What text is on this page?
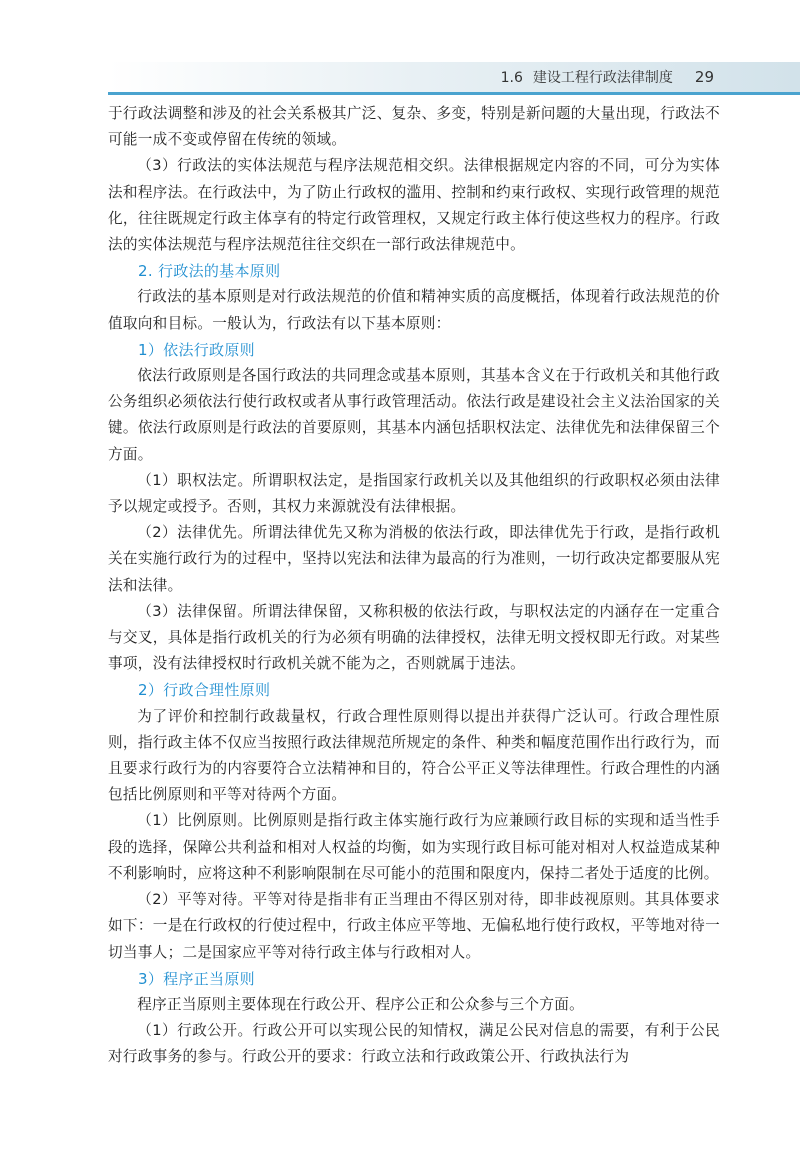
1.6 建设工程行政法律制度 29

于行政法调整和涉及的社会关系极其广泛、复杂、多变，特别是新问题的大量出现，行政法不可能一成不变或停留在传统的领域。

（3）行政法的实体法规范与程序法规范相交织。法律根据规定内容的不同，可分为实体法和程序法。在行政法中，为了防止行政权的滥用、控制和约束行政权、实现行政管理的规范化，往往既规定行政主体享有的特定行政管理权，又规定行政主体行使这些权力的程序。行政法的实体法规范与程序法规范往往交织在一部行政法律规范中。

2. 行政法的基本原则

行政法的基本原则是对行政法规范的价值和精神实质的高度概括，体现着行政法规范的价值取向和目标。一般认为，行政法有以下基本原则：

1）依法行政原则

依法行政原则是各国行政法的共同理念或基本原则，其基本含义在于行政机关和其他行政公务组织必须依法行使行政权或者从事行政管理活动。依法行政是建设社会主义法治国家的关键。依法行政原则是行政法的首要原则，其基本内涵包括职权法定、法律优先和法律保留三个方面。

（1）职权法定。所谓职权法定，是指国家行政机关以及其他组织的行政职权必须由法律予以规定或授予。否则，其权力来源就没有法律根据。

（2）法律优先。所谓法律优先又称为消极的依法行政，即法律优先于行政，是指行政机关在实施行政行为的过程中，坚持以宪法和法律为最高的行为准则，一切行政决定都要服从宪法和法律。

（3）法律保留。所谓法律保留，又称积极的依法行政，与职权法定的内涵存在一定重合与交叉，具体是指行政机关的行为必须有明确的法律授权，法律无明文授权即无行政。对某些事项，没有法律授权时行政机关就不能为之，否则就属于违法。

2）行政合理性原则

为了评价和控制行政裁量权，行政合理性原则得以提出并获得广泛认可。行政合理性原则，指行政主体不仅应当按照行政法律规范所规定的条件、种类和幅度范围作出行政行为，而且要求行政行为的内容要符合立法精神和目的，符合公平正义等法律理性。行政合理性的内涵包括比例原则和平等对待两个方面。

（1）比例原则。比例原则是指行政主体实施行政行为应兼顾行政目标的实现和适当性手段的选择，保障公共利益和相对人权益的均衡，如为实现行政目标可能对相对人权益造成某种不利影响时，应将这种不利影响限制在尽可能小的范围和限度内，保持二者处于适度的比例。

（2）平等对待。平等对待是指非有正当理由不得区别对待，即非歧视原则。其具体要求如下：一是在行政权的行使过程中，行政主体应平等地、无偏私地行使行政权，平等地对待一切当事人；二是国家应平等对待行政主体与行政相对人。

3）程序正当原则

程序正当原则主要体现在行政公开、程序公正和公众参与三个方面。

（1）行政公开。行政公开可以实现公民的知情权，满足公民对信息的需要，有利于公民对行政事务的参与。行政公开的要求：行政立法和行政政策公开、行政执法行为
